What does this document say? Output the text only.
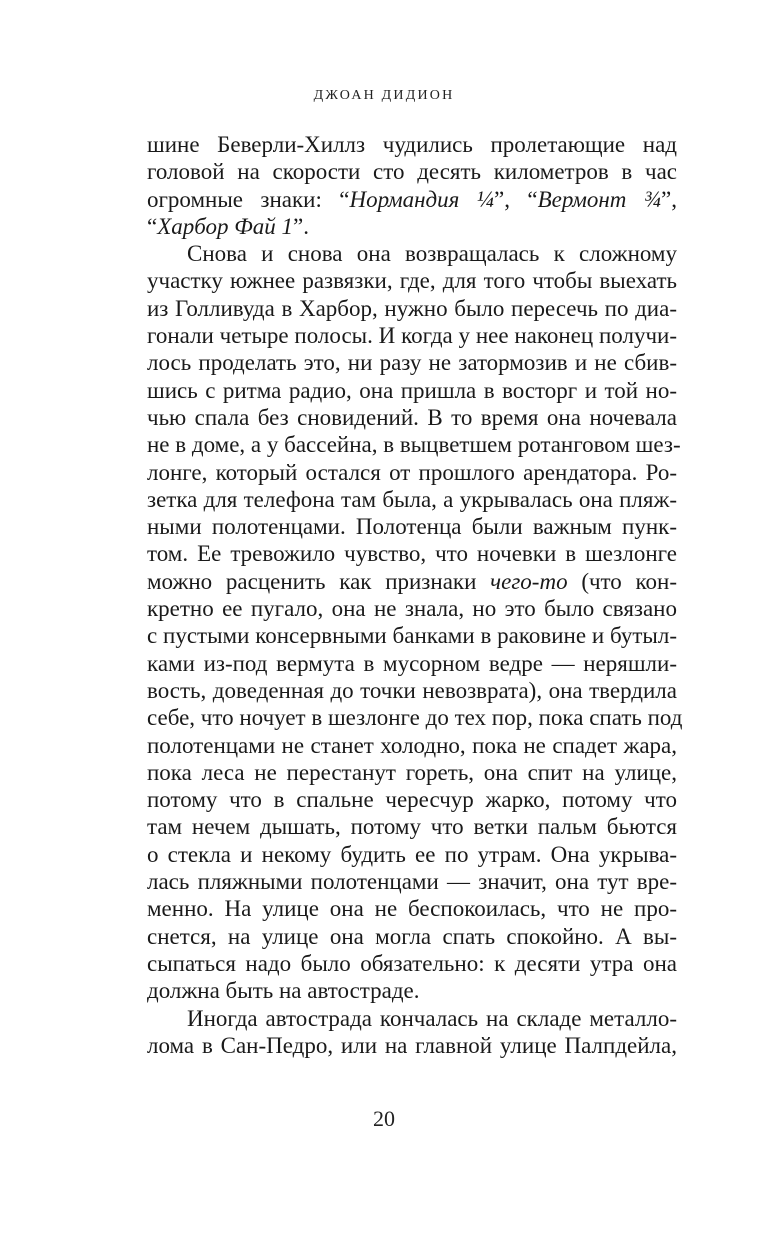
ДЖОАН ДИДИОН
шине Беверли-Хиллз чудились пролетающие над
головой на скорости сто десять километров в час
огромные знаки: “Нормандия ¼”, “Вермонт ¾”,
“Харбор Фай 1”.
Снова и снова она возвращалась к сложному
участку южнее развязки, где, для того чтобы выехать
из Голливуда в Харбор, нужно было пересечь по диа-
гонали четыре полосы. И когда у нее наконец получи-
лось проделать это, ни разу не затормозив и не сбив-
шись с ритма радио, она пришла в восторг и той но-
чью спала без сновидений. В то время она ночевала
не в доме, а у бассейна, в выцветшем ротанговом шез-
лонге, который остался от прошлого арендатора. Ро-
зетка для телефона там была, а укрывалась она пляж-
ными полотенцами. Полотенца были важным пунк-
том. Ее тревожило чувство, что ночевки в шезлонге
можно расценить как признаки чего-то (что кон-
кретно ее пугало, она не знала, но это было связано
с пустыми консервными банками в раковине и бутыл-
ками из-под вермута в мусорном ведре — неряшли-
вость, доведенная до точки невозврата), она твердила
себе, что ночует в шезлонге до тех пор, пока спать под
полотенцами не станет холодно, пока не спадет жара,
пока леса не перестанут гореть, она спит на улице,
потому что в спальне чересчур жарко, потому что
там нечем дышать, потому что ветки пальм бьются
о стекла и некому будить ее по утрам. Она укрыва-
лась пляжными полотенцами — значит, она тут вре-
менно. На улице она не беспокоилась, что не про-
снется, на улице она могла спать спокойно. А вы-
сыпаться надо было обязательно: к десяти утра она
должна быть на автостраде.
Иногда автострада кончалась на складе металло-
лома в Сан-Педро, или на главной улице Палпдейла,
20
